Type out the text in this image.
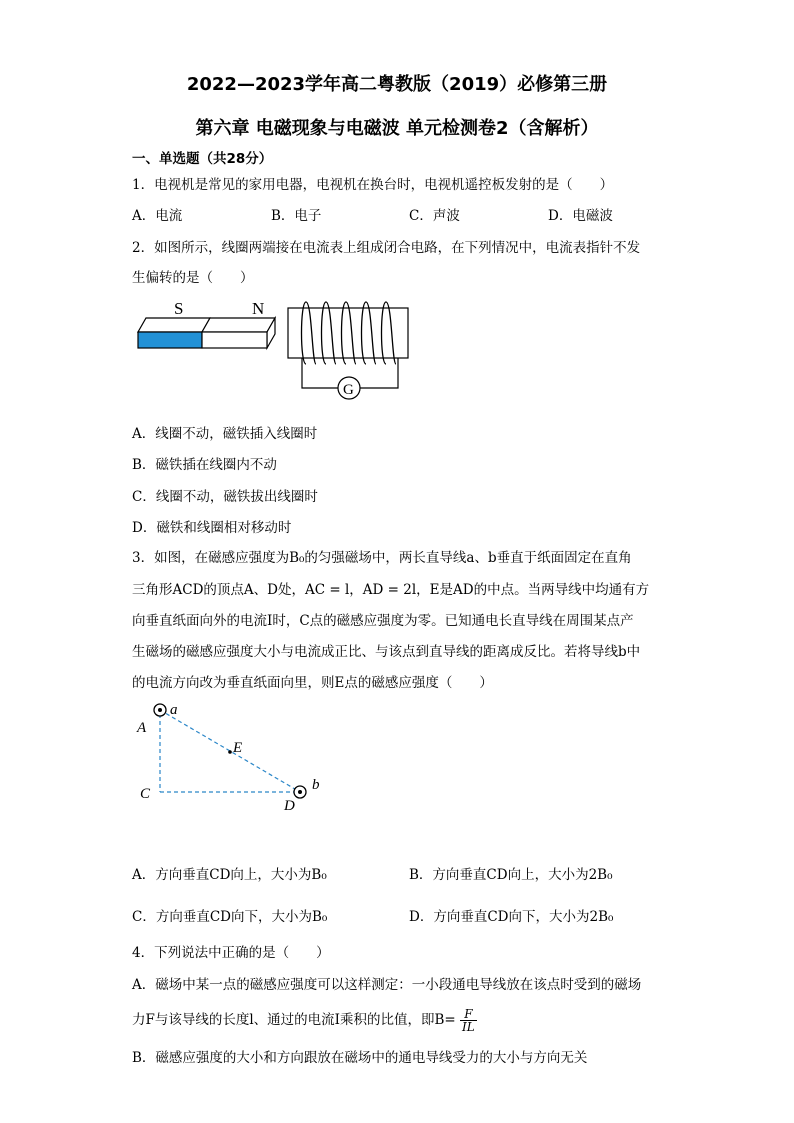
2022—2023学年高二粤教版（2019）必修第三册
第六章 电磁现象与电磁波 单元检测卷2（含解析）
一、单选题（共28分）
1．电视机是常见的家用电器，电视机在换台时，电视机遥控板发射的是（　　）
A．电流	B．电子	C．声波	D．电磁波
2．如图所示，线圈两端接在电流表上组成闭合电路，在下列情况中，电流表指针不发
生偏转的是（　　）
S	N
G
A．线圈不动，磁铁插入线圈时
B．磁铁插在线圈内不动
C．线圈不动，磁铁拔出线圈时
D．磁铁和线圈相对移动时
3．如图，在磁感应强度为B₀的匀强磁场中，两长直导线a、b垂直于纸面固定在直角
三角形ACD的顶点A、D处，AC = l，AD = 2l，E是AD的中点。当两导线中均通有方
向垂直纸面向外的电流I时，C点的磁感应强度为零。已知通电长直导线在周围某点产
生磁场的磁感应强度大小与电流成正比、与该点到直导线的距离成反比。若将导线b中
的电流方向改为垂直纸面向里，则E点的磁感应强度（　　）
a
A
E
C
D
b
A．方向垂直CD向上，大小为B₀	B．方向垂直CD向上，大小为2B₀
C．方向垂直CD向下，大小为B₀	D．方向垂直CD向下，大小为2B₀
4．下列说法中正确的是（　　）
A．磁场中某一点的磁感应强度可以这样测定：一小段通电导线放在该点时受到的磁场
力F与该导线的长度l、通过的电流I乘积的比值，即$B= \frac{F}{IL}$
B．磁感应强度的大小和方向跟放在磁场中的通电导线受力的大小与方向无关
